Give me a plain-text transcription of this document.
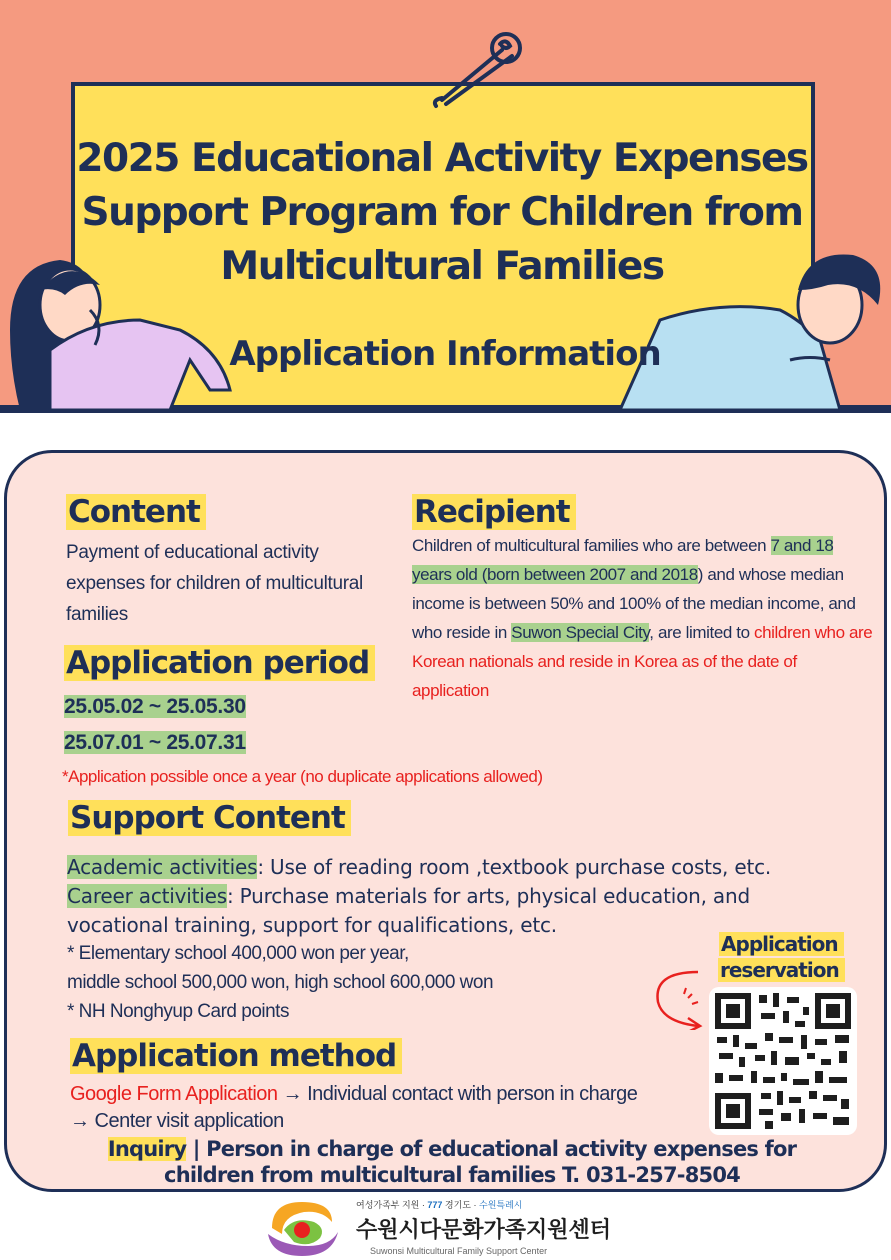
2025 Educational Activity Expenses
Support Program for Children from
Multicultural Families
Application Information
Content
Payment of educational activity expenses for children of multicultural families
Recipient
Children of multicultural families who are between 7 and 18 years old (born between 2007 and 2018) and whose median income is between 50% and 100% of the median income, and who reside in Suwon Special City, are limited to children who are Korean nationals and reside in Korea as of the date of application
Application period
25.05.02 ~ 25.05.30
25.07.01 ~ 25.07.31
*Application possible once a year (no duplicate applications allowed)
Support Content
Academic activities: Use of reading room ,textbook purchase costs, etc.
Career activities: Purchase materials for arts, physical education, and vocational training, support for qualifications, etc.
* Elementary school 400,000 won per year,
middle school 500,000 won, high school 600,000 won
* NH Nonghyup Card points
Application
reservation
Application method
Google Form Application → Individual contact with person in charge
→ Center visit application
Inquiry | Person in charge of educational activity expenses for
children from multicultural families T. 031-257-8504
여성가족부 지원 · 777 경기도 · 수원특례시
수원시다문화가족지원센터
Suwonsi Multicultural Family Support Center
